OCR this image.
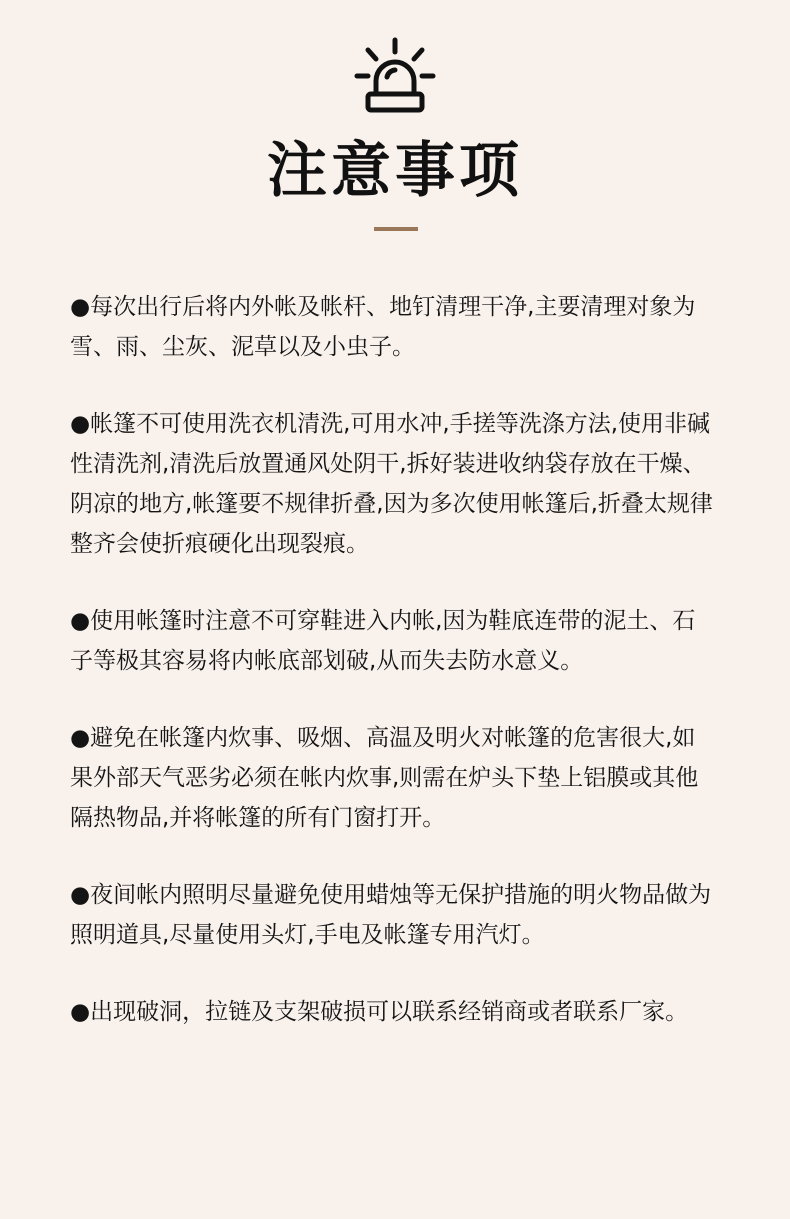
注意事项
●每次出行后将内外帐及帐杆、地钉清理干净,主要清理对象为
雪、雨、尘灰、泥草以及小虫子。
●帐篷不可使用洗衣机清洗,可用水冲,手搓等洗涤方法,使用非碱
性清洗剂,清洗后放置通风处阴干,拆好装进收纳袋存放在干燥、
阴凉的地方,帐篷要不规律折叠,因为多次使用帐篷后,折叠太规律
整齐会使折痕硬化出现裂痕。
●使用帐篷时注意不可穿鞋进入内帐,因为鞋底连带的泥土、石
子等极其容易将内帐底部划破,从而失去防水意义。
●避免在帐篷内炊事、吸烟、高温及明火对帐篷的危害很大,如
果外部天气恶劣必须在帐内炊事,则需在炉头下垫上铝膜或其他
隔热物品,并将帐篷的所有门窗打开。
●夜间帐内照明尽量避免使用蜡烛等无保护措施的明火物品做为
照明道具,尽量使用头灯,手电及帐篷专用汽灯。
●出现破洞，拉链及支架破损可以联系经销商或者联系厂家。
